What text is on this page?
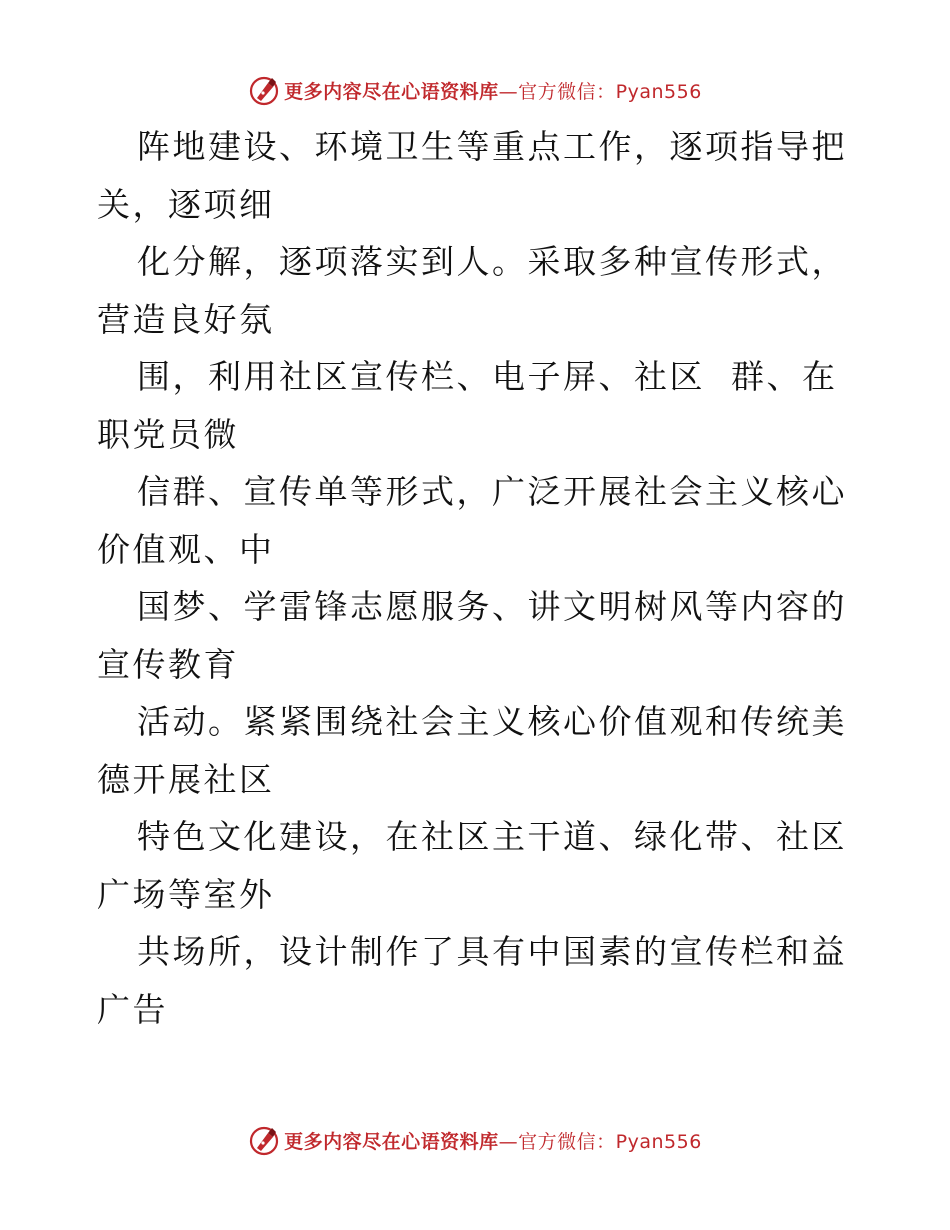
更多内容尽在心语资料库—官方微信：Pyan556

阵地建设、环境卫生等重点工作，逐项指导把关，逐项细

化分解，逐项落实到人。采取多种宣传形式，营造良好氛

围，利用社区宣传栏、电子屏、社区  群、在职党员微

信群、宣传单等形式，广泛开展社会主义核心价值观、中

国梦、学雷锋志愿服务、讲文明树风等内容的宣传教育

活动。紧紧围绕社会主义核心价值观和传统美德开展社区

特色文化建设，在社区主干道、绿化带、社区广场等室外

共场所，设计制作了具有中国素的宣传栏和益广告

更多内容尽在心语资料库—官方微信：Pyan556
